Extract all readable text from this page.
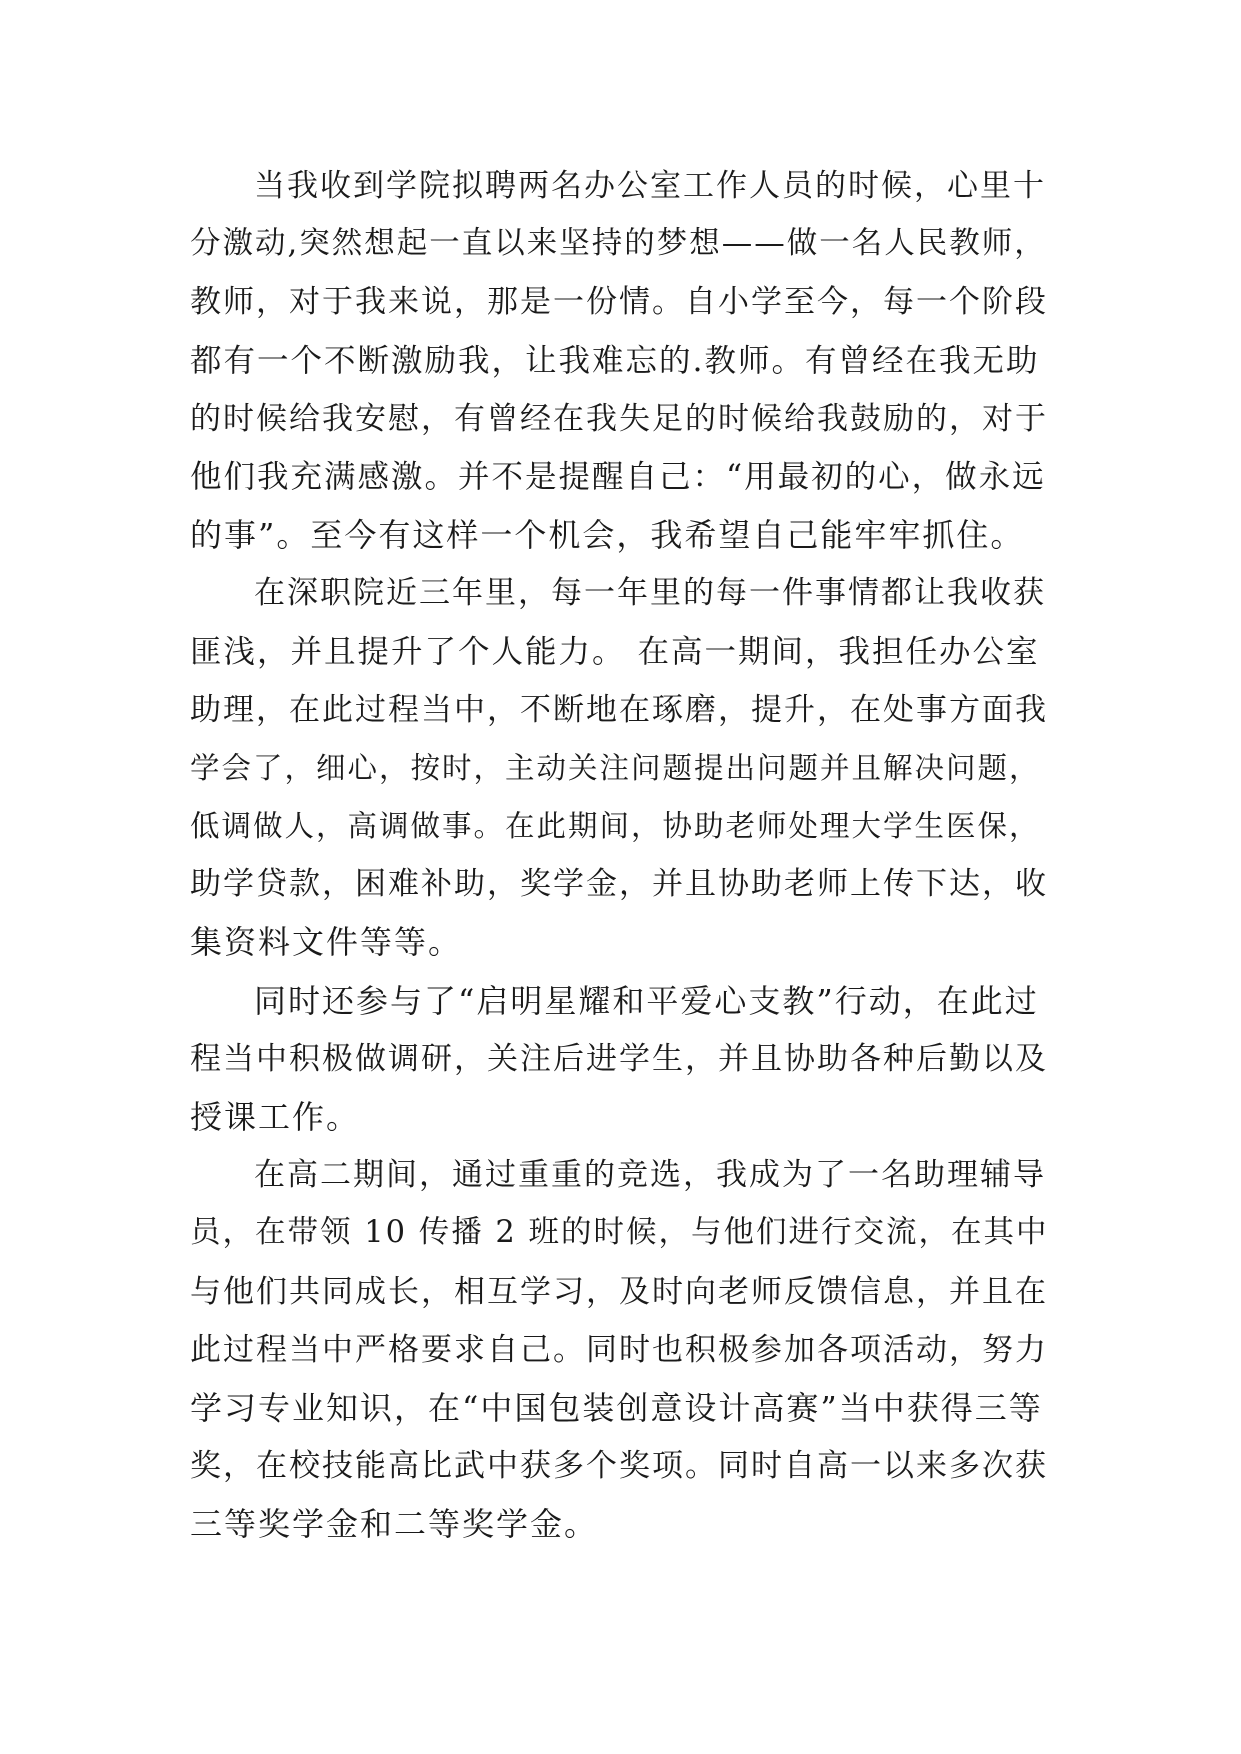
当我收到学院拟聘两名办公室工作人员的时候，心里十
分激动,突然想起一直以来坚持的梦想——做一名人民教师，
教师，对于我来说，那是一份情。自小学至今，每一个阶段
都有一个不断激励我，让我难忘的.教师。有曾经在我无助
的时候给我安慰，有曾经在我失足的时候给我鼓励的，对于
他们我充满感激。并不是提醒自己：“用最初的心，做永远
的事”。至今有这样一个机会，我希望自己能牢牢抓住。
在深职院近三年里，每一年里的每一件事情都让我收获
匪浅，并且提升了个人能力。 在高一期间，我担任办公室
助理，在此过程当中，不断地在琢磨，提升，在处事方面我
学会了，细心，按时，主动关注问题提出问题并且解决问题，
低调做人，高调做事。在此期间，协助老师处理大学生医保，
助学贷款，困难补助，奖学金，并且协助老师上传下达，收
集资料文件等等。
同时还参与了“启明星耀和平爱心支教”行动，在此过
程当中积极做调研，关注后进学生，并且协助各种后勤以及
授课工作。
在高二期间，通过重重的竞选，我成为了一名助理辅导
员，在带领 10 传播 2 班的时候，与他们进行交流，在其中
与他们共同成长，相互学习，及时向老师反馈信息，并且在
此过程当中严格要求自己。同时也积极参加各项活动，努力
学习专业知识，在“中国包装创意设计高赛”当中获得三等
奖，在校技能高比武中获多个奖项。同时自高一以来多次获
三等奖学金和二等奖学金。
